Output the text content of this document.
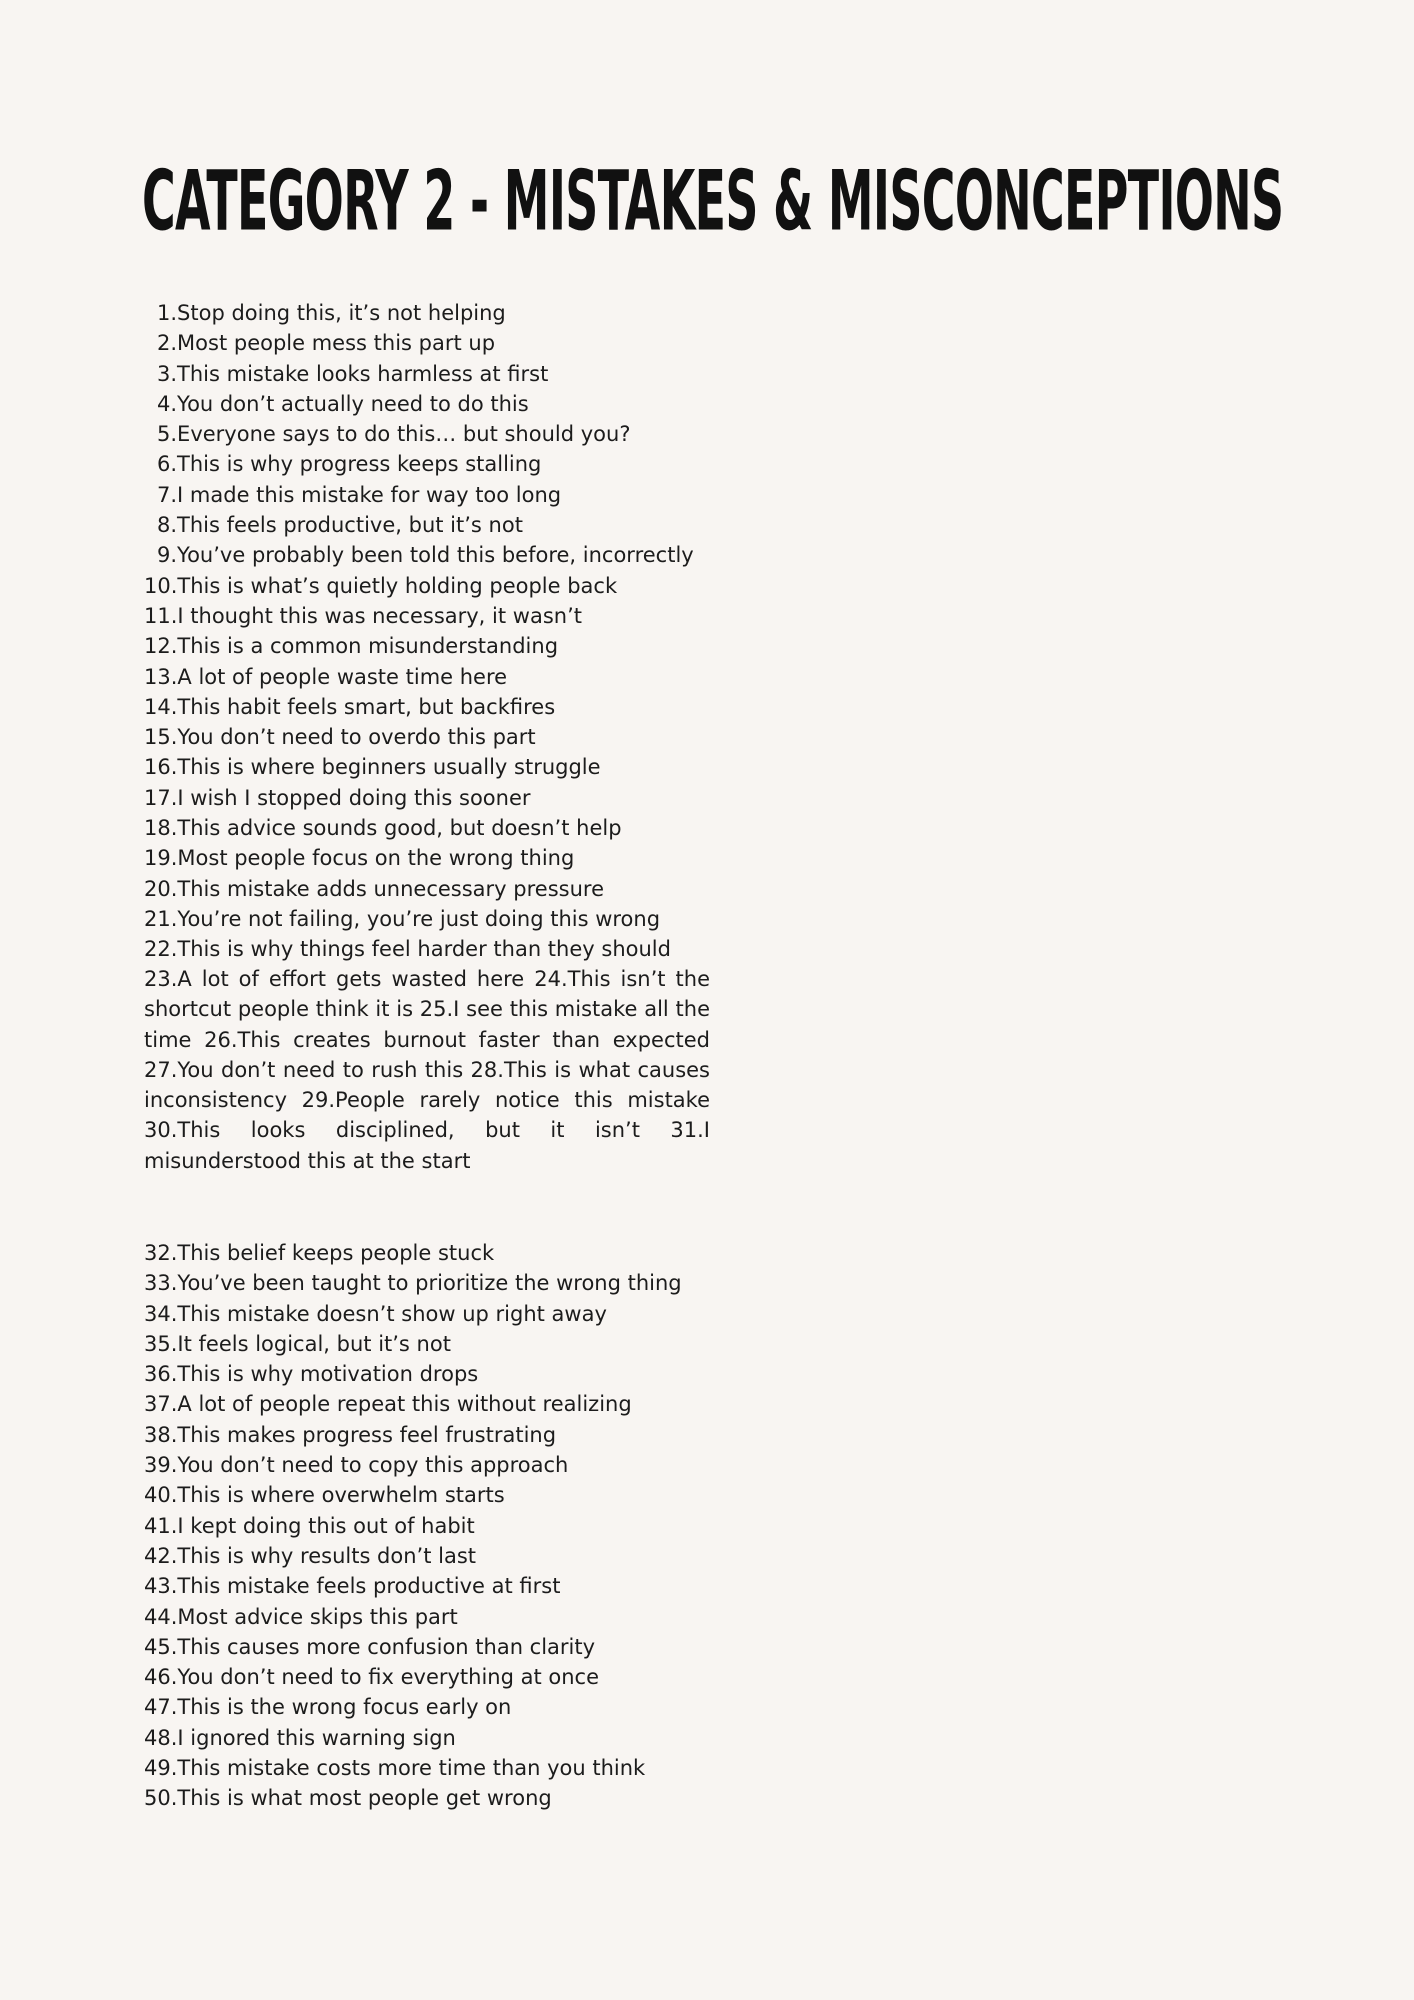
CATEGORY 2 - MISTAKES & MISCONCEPTIONS
1.Stop doing this, it’s not helping
2.Most people mess this part up
3.This mistake looks harmless at first
4.You don’t actually need to do this
5.Everyone says to do this… but should you?
6.This is why progress keeps stalling
7.I made this mistake for way too long
8.This feels productive, but it’s not
9.You’ve probably been told this before, incorrectly
10.This is what’s quietly holding people back
11.I thought this was necessary, it wasn’t
12.This is a common misunderstanding
13.A lot of people waste time here
14.This habit feels smart, but backfires
15.You don’t need to overdo this part
16.This is where beginners usually struggle
17.I wish I stopped doing this sooner
18.This advice sounds good, but doesn’t help
19.Most people focus on the wrong thing
20.This mistake adds unnecessary pressure
21.You’re not failing, you’re just doing this wrong
22.This is why things feel harder than they should

23.A lot of effort gets wasted here 24.This isn’t the shortcut people think it is 25.I see this mistake all the time 26.This creates burnout faster than expected 27.You don’t need to rush this 28.This is what causes inconsistency 29.People rarely notice this mistake 30.This looks disciplined, but it isn’t 31.I misunderstood this at the start

32.This belief keeps people stuck
33.You’ve been taught to prioritize the wrong thing
34.This mistake doesn’t show up right away
35.It feels logical, but it’s not
36.This is why motivation drops
37.A lot of people repeat this without realizing
38.This makes progress feel frustrating
39.You don’t need to copy this approach
40.This is where overwhelm starts
41.I kept doing this out of habit
42.This is why results don’t last
43.This mistake feels productive at first
44.Most advice skips this part
45.This causes more confusion than clarity
46.You don’t need to fix everything at once
47.This is the wrong focus early on
48.I ignored this warning sign
49.This mistake costs more time than you think
50.This is what most people get wrong
